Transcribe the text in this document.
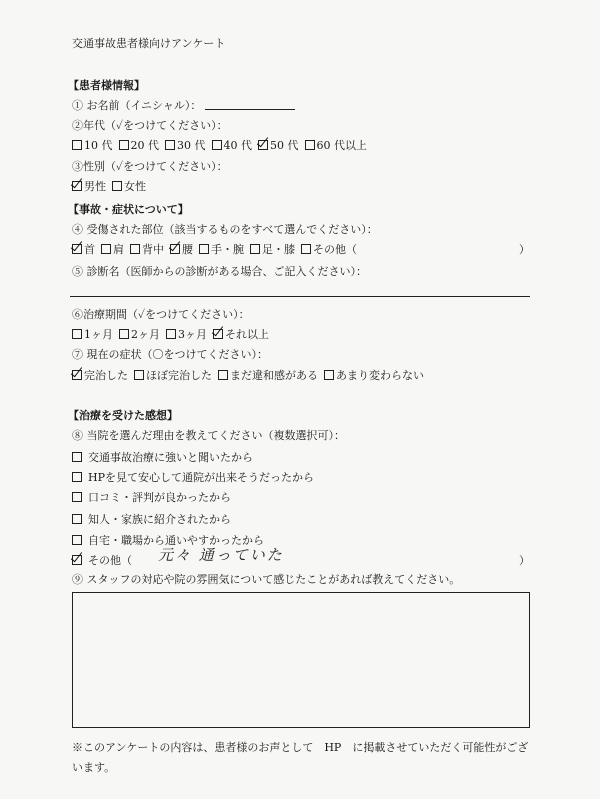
交通事故患者様向けアンケート
【患者様情報】
① お名前（イニシャル）：
②年代（✓をつけてください）：
10 代 20 代 30 代 40 代 50 代 60 代以上
③性別（✓をつけてください）：
男性 女性
【事故・症状について】
④ 受傷された部位（該当するものをすべて選んでください）：
首 肩 背中 腰 手・腕 足・膝 その他（	）
⑤ 診断名（医師からの診断がある場合、ご記入ください）：
⑥治療期間（✓をつけてください）：
1ヶ月 2ヶ月 3ヶ月 それ以上
⑦ 現在の症状（〇をつけてください）：
完治した ほぼ完治した まだ違和感がある あまり変わらない
【治療を受けた感想】
⑧ 当院を選んだ理由を教えてください（複数選択可）：
交通事故治療に強いと聞いたから
HPを見て安心して通院が出来そうだったから
口コミ・評判が良かったから
知人・家族に紹介されたから
自宅・職場から通いやすかったから
その他（ 元々 通っていた	）
⑨ スタッフの対応や院の雰囲気について感じたことがあれば教えてください。
※このアンケートの内容は、患者様のお声として　HP　に掲載させていただく可能性がござ
います。
